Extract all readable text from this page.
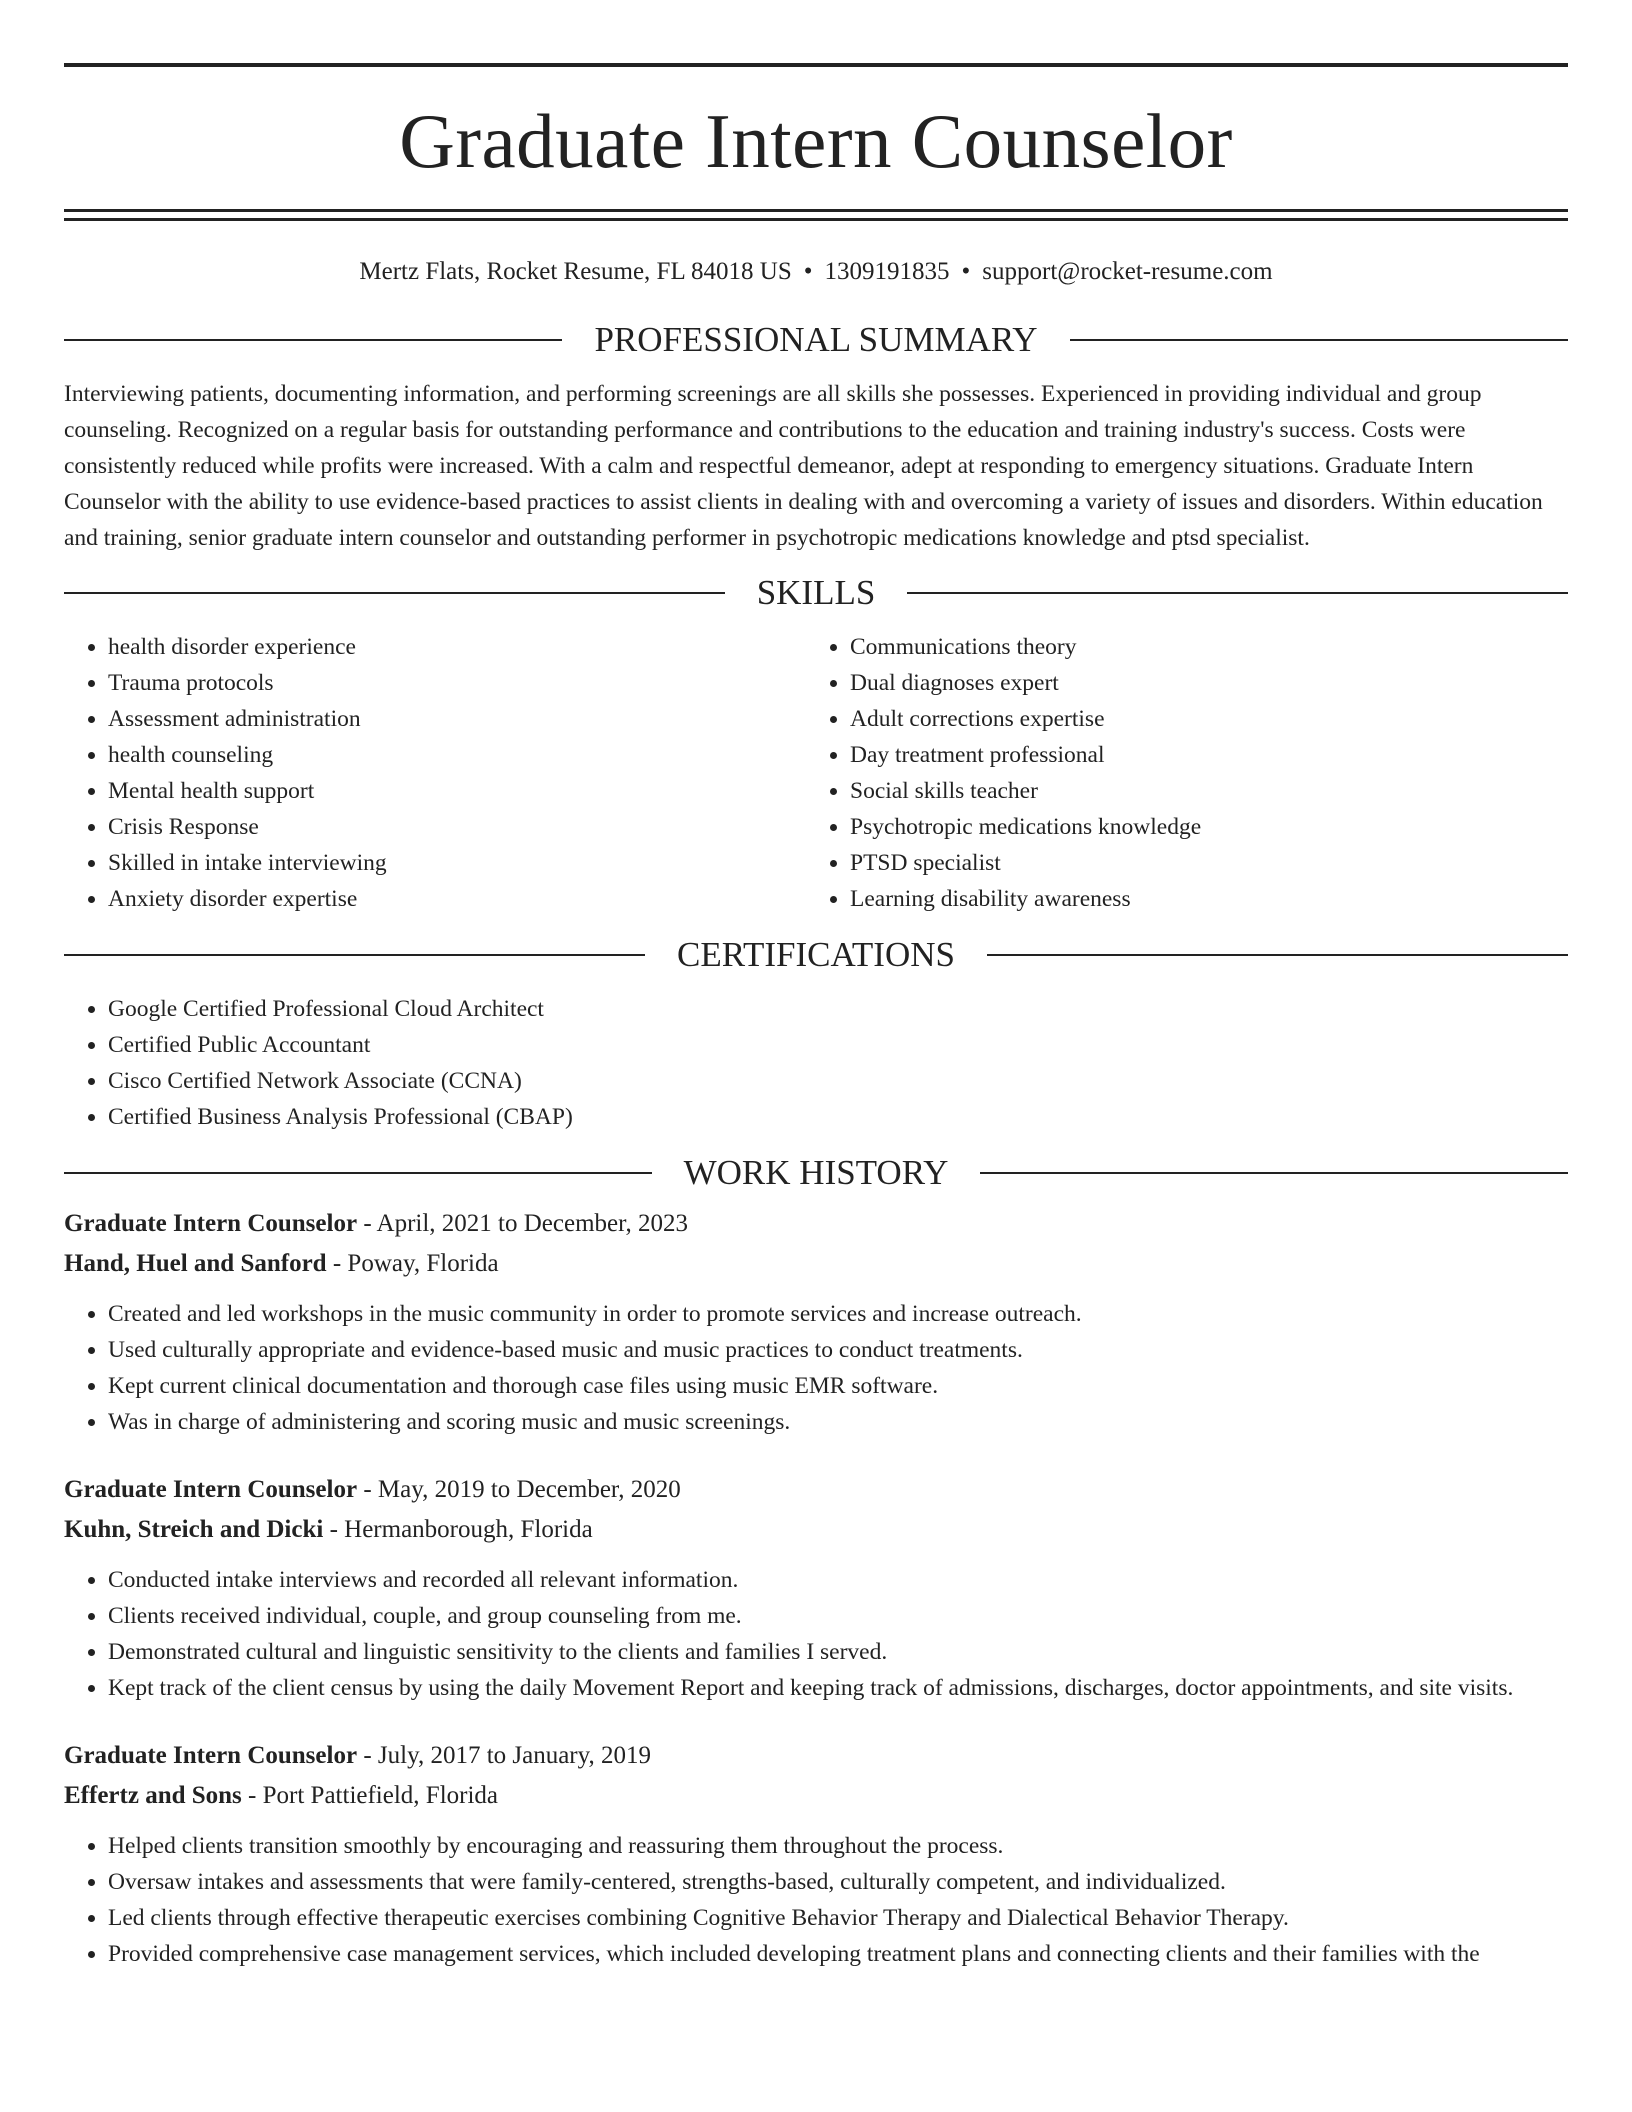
Graduate Intern Counselor
Mertz Flats, Rocket Resume, FL 84018 US • 1309191835 • support@rocket-resume.com
PROFESSIONAL SUMMARY

Interviewing patients, documenting information, and performing screenings are all skills she possesses. Experienced in providing individual and group counseling. Recognized on a regular basis for outstanding performance and contributions to the education and training industry's success. Costs were consistently reduced while profits were increased. With a calm and respectful demeanor, adept at responding to emergency situations. Graduate Intern Counselor with the ability to use evidence-based practices to assist clients in dealing with and overcoming a variety of issues and disorders. Within education and training, senior graduate intern counselor and outstanding performer in psychotropic medications knowledge and ptsd specialist.

SKILLS
• health disorder experience
• Trauma protocols
• Assessment administration
• health counseling
• Mental health support
• Crisis Response
• Skilled in intake interviewing
• Anxiety disorder expertise
• Communications theory
• Dual diagnoses expert
• Adult corrections expertise
• Day treatment professional
• Social skills teacher
• Psychotropic medications knowledge
• PTSD specialist
• Learning disability awareness
CERTIFICATIONS
• Google Certified Professional Cloud Architect
• Certified Public Accountant
• Cisco Certified Network Associate (CCNA)
• Certified Business Analysis Professional (CBAP)
WORK HISTORY
Graduate Intern Counselor - April, 2021 to December, 2023
Hand, Huel and Sanford - Poway, Florida
• Created and led workshops in the music community in order to promote services and increase outreach.
• Used culturally appropriate and evidence-based music and music practices to conduct treatments.
• Kept current clinical documentation and thorough case files using music EMR software.
• Was in charge of administering and scoring music and music screenings.
Graduate Intern Counselor - May, 2019 to December, 2020
Kuhn, Streich and Dicki - Hermanborough, Florida
• Conducted intake interviews and recorded all relevant information.
• Clients received individual, couple, and group counseling from me.
• Demonstrated cultural and linguistic sensitivity to the clients and families I served.
• Kept track of the client census by using the daily Movement Report and keeping track of admissions, discharges, doctor appointments, and site visits.
Graduate Intern Counselor - July, 2017 to January, 2019
Effertz and Sons - Port Pattiefield, Florida
• Helped clients transition smoothly by encouraging and reassuring them throughout the process.
• Oversaw intakes and assessments that were family-centered, strengths-based, culturally competent, and individualized.
• Led clients through effective therapeutic exercises combining Cognitive Behavior Therapy and Dialectical Behavior Therapy.
• Provided comprehensive case management services, which included developing treatment plans and connecting clients and their families with the
